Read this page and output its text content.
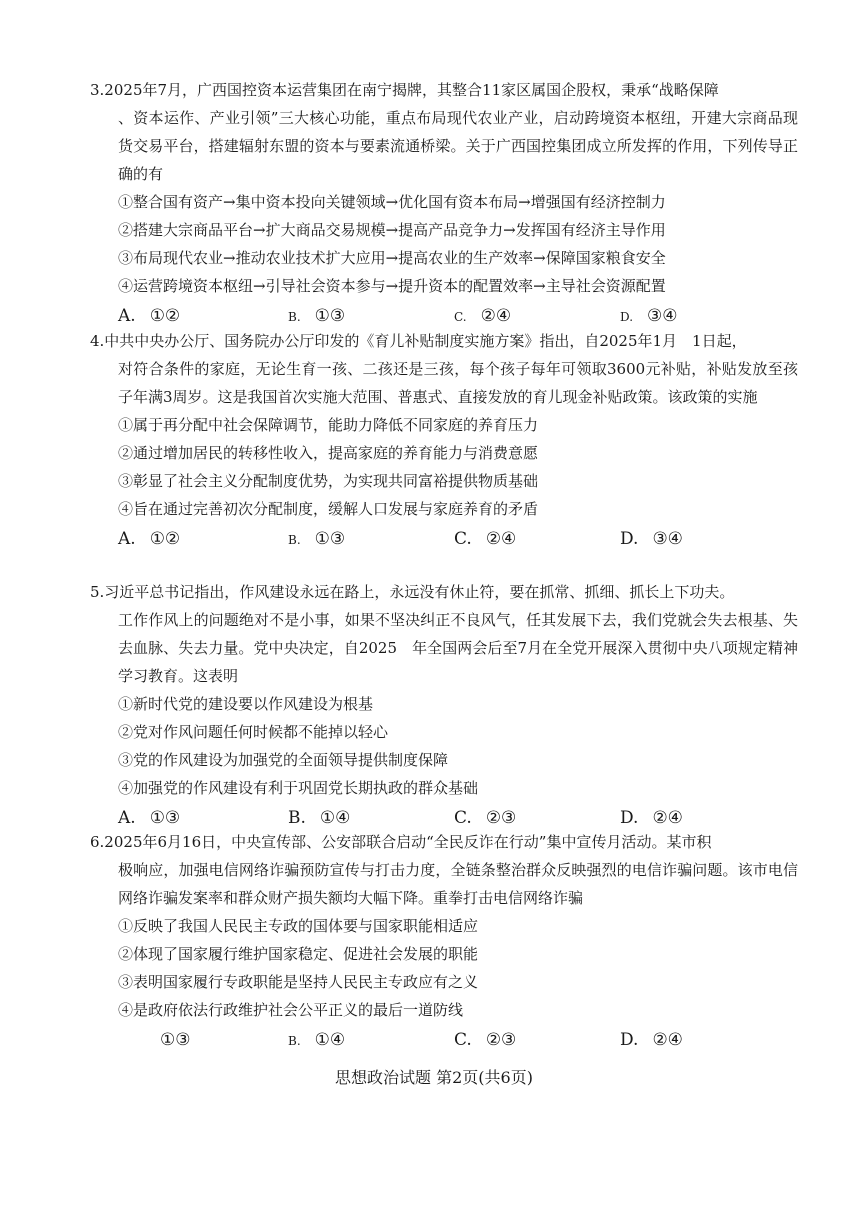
3.2025年7月，广西国控资本运营集团在南宁揭牌，其整合11家区属国企股权，秉承“战略保障
、资本运作、产业引领”三大核心功能，重点布局现代农业产业，启动跨境资本枢纽，开建大宗商品现货交易平台，搭建辐射东盟的资本与要素流通桥梁。关于广西国控集团成立所发挥的作用，下列传导正确的有

①整合国有资产→集中资本投向关键领域→优化国有资本布局→增强国有经济控制力

②搭建大宗商品平台→扩大商品交易规模→提高产品竞争力→发挥国有经济主导作用

③布局现代农业→推动农业技术扩大应用→提高农业的生产效率→保障国家粮食安全

④运营跨境资本枢纽→引导社会资本参与→提升资本的配置效率→主导社会资源配置

A. ①②	B. ①③	C. ②④	D. ③④

4.中共中央办公厅、国务院办公厅印发的《育儿补贴制度实施方案》指出，自2025年1月　1日起，
对符合条件的家庭，无论生育一孩、二孩还是三孩，每个孩子每年可领取3600元补贴，补贴发放至孩子年满3周岁。这是我国首次实施大范围、普惠式、直接发放的育儿现金补贴政策。该政策的实施

①属于再分配中社会保障调节，能助力降低不同家庭的养育压力

②通过增加居民的转移性收入，提高家庭的养育能力与消费意愿

③彰显了社会主义分配制度优势，为实现共同富裕提供物质基础

④旨在通过完善初次分配制度，缓解人口发展与家庭养育的矛盾

A. ①②	B. ①③	C. ②④	D. ③④

5.习近平总书记指出，作风建设永远在路上，永远没有休止符，要在抓常、抓细、抓长上下功夫。
工作作风上的问题绝对不是小事，如果不坚决纠正不良风气，任其发展下去，我们党就会失去根基、失去血脉、失去力量。党中央决定，自2025　年全国两会后至7月在全党开展深入贯彻中央八项规定精神学习教育。这表明

①新时代党的建设要以作风建设为根基

②党对作风问题任何时候都不能掉以轻心

③党的作风建设为加强党的全面领导提供制度保障

④加强党的作风建设有利于巩固党长期执政的群众基础

A. ①③	B. ①④	C. ②③	D. ②④

6.2025年6月16日，中央宣传部、公安部联合启动“全民反诈在行动”集中宣传月活动。某市积
极响应，加强电信网络诈骗预防宣传与打击力度，全链条整治群众反映强烈的电信诈骗问题。该市电信网络诈骗发案率和群众财产损失额均大幅下降。重拳打击电信网络诈骗

①反映了我国人民民主专政的国体要与国家职能相适应

②体现了国家履行维护国家稳定、促进社会发展的职能

③表明国家履行专政职能是坚持人民民主专政应有之义

④是政府依法行政维护社会公平正义的最后一道防线

①③	B. ①④	C. ②③	D. ②④
思想政治试题 第2页(共6页)
